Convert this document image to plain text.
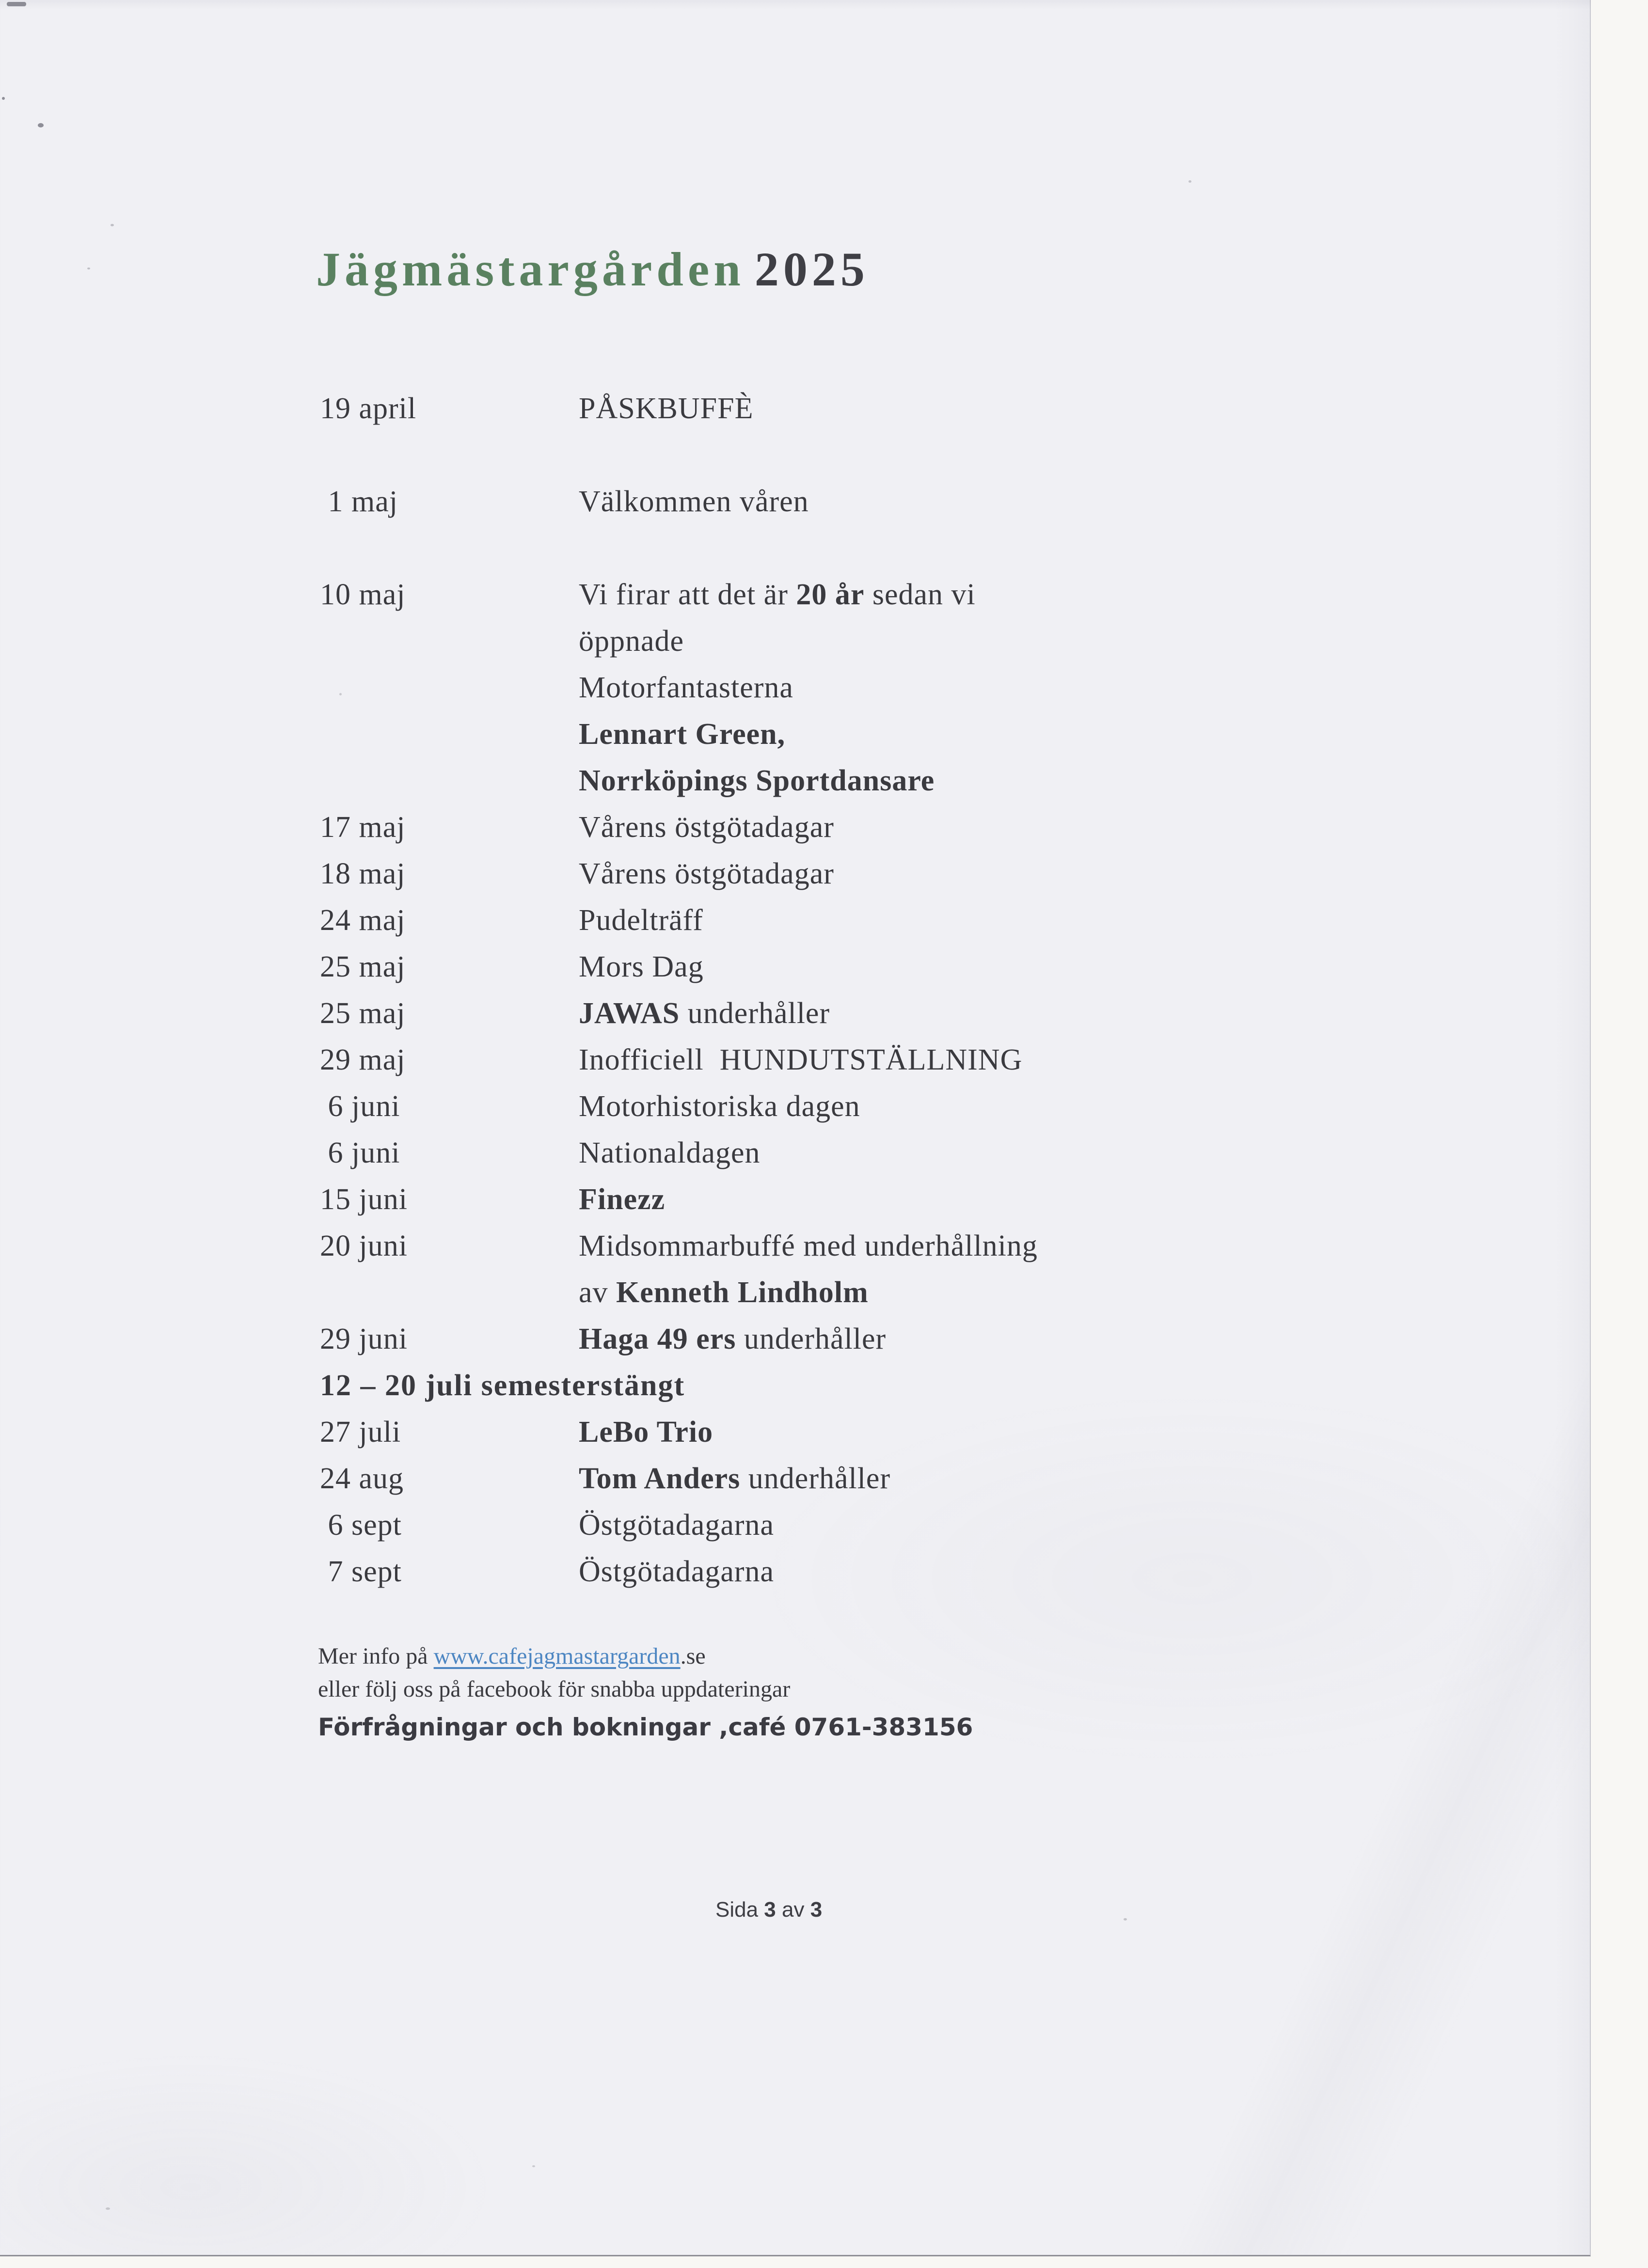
Jägmästargården 2025
19 april	PÅSKBUFFÈ
1 maj	Välkommen våren
10 maj	Vi firar att det är 20 år sedan vi
öppnade
Motorfantasterna
Lennart Green,
Norrköpings Sportdansare
17 maj	Vårens östgötadagar
18 maj	Vårens östgötadagar
24 maj	Pudelträff
25 maj	Mors Dag
25 maj	JAWAS underhåller
29 maj	Inofficiell  HUNDUTSTÄLLNING
6 juni	Motorhistoriska dagen
6 juni	Nationaldagen
15 juni	Finezz
20 juni	Midsommarbuffé med underhållning
av Kenneth Lindholm
29 juni	Haga 49 ers underhåller
12 – 20 juli semesterstängt
27 juli	LeBo Trio
24 aug	Tom Anders underhåller
6 sept	Östgötadagarna
7 sept	Östgötadagarna
Mer info på www.cafejagmastargarden.se
eller följ oss på facebook för snabba uppdateringar
Förfrågningar och bokningar ,café 0761-383156
Sida 3 av 3
